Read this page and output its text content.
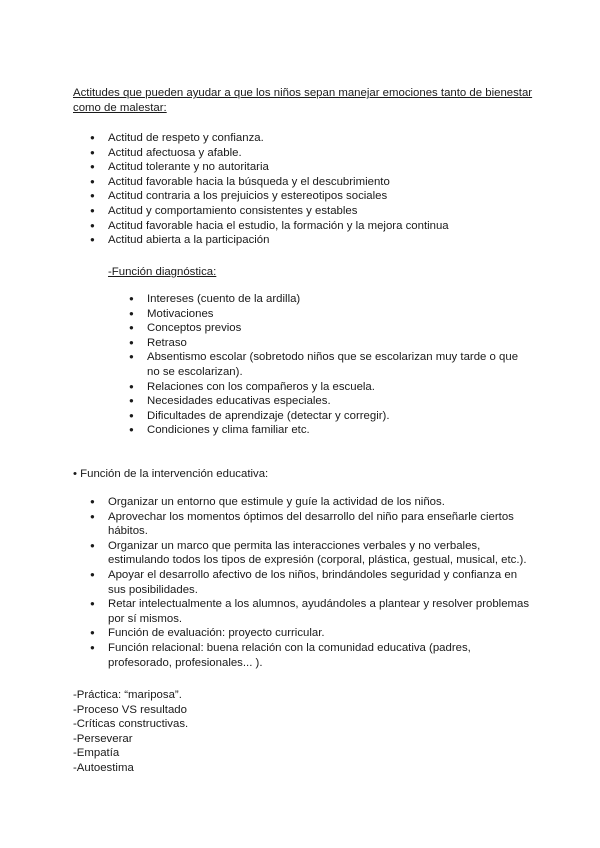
Actitudes que pueden ayudar a que los niños sepan manejar emociones tanto de bienestar como de malestar:
● Actitud de respeto y confianza.
● Actitud afectuosa y afable.
● Actitud tolerante y no autoritaria
● Actitud favorable hacia la búsqueda y el descubrimiento
● Actitud contraria a los prejuicios y estereotipos sociales
● Actitud y comportamiento consistentes y estables
● Actitud favorable hacia el estudio, la formación y la mejora continua
● Actitud abierta a la participación
-Función diagnóstica:
● Intereses (cuento de la ardilla)
● Motivaciones
● Conceptos previos
● Retraso
● Absentismo escolar (sobretodo niños que se escolarizan muy tarde o que no se escolarizan).
● Relaciones con los compañeros y la escuela.
● Necesidades educativas especiales.
● Dificultades de aprendizaje (detectar y corregir).
● Condiciones y clima familiar etc.
• Función de la intervención educativa:
● Organizar un entorno que estimule y guíe la actividad de los niños.
● Aprovechar los momentos óptimos del desarrollo del niño para enseñarle ciertos hábitos.
● Organizar un marco que permita las interacciones verbales y no verbales, estimulando todos los tipos de expresión (corporal, plástica, gestual, musical, etc.).
● Apoyar el desarrollo afectivo de los niños, brindándoles seguridad y confianza en sus posibilidades.
● Retar intelectualmente a los alumnos, ayudándoles a plantear y resolver problemas por sí mismos.
● Función de evaluación: proyecto curricular.
● Función relacional: buena relación con la comunidad educativa (padres, profesorado, profesionales... ).
-Práctica: “mariposa”.
-Proceso VS resultado
-Críticas constructivas.
-Perseverar
-Empatía
-Autoestima
